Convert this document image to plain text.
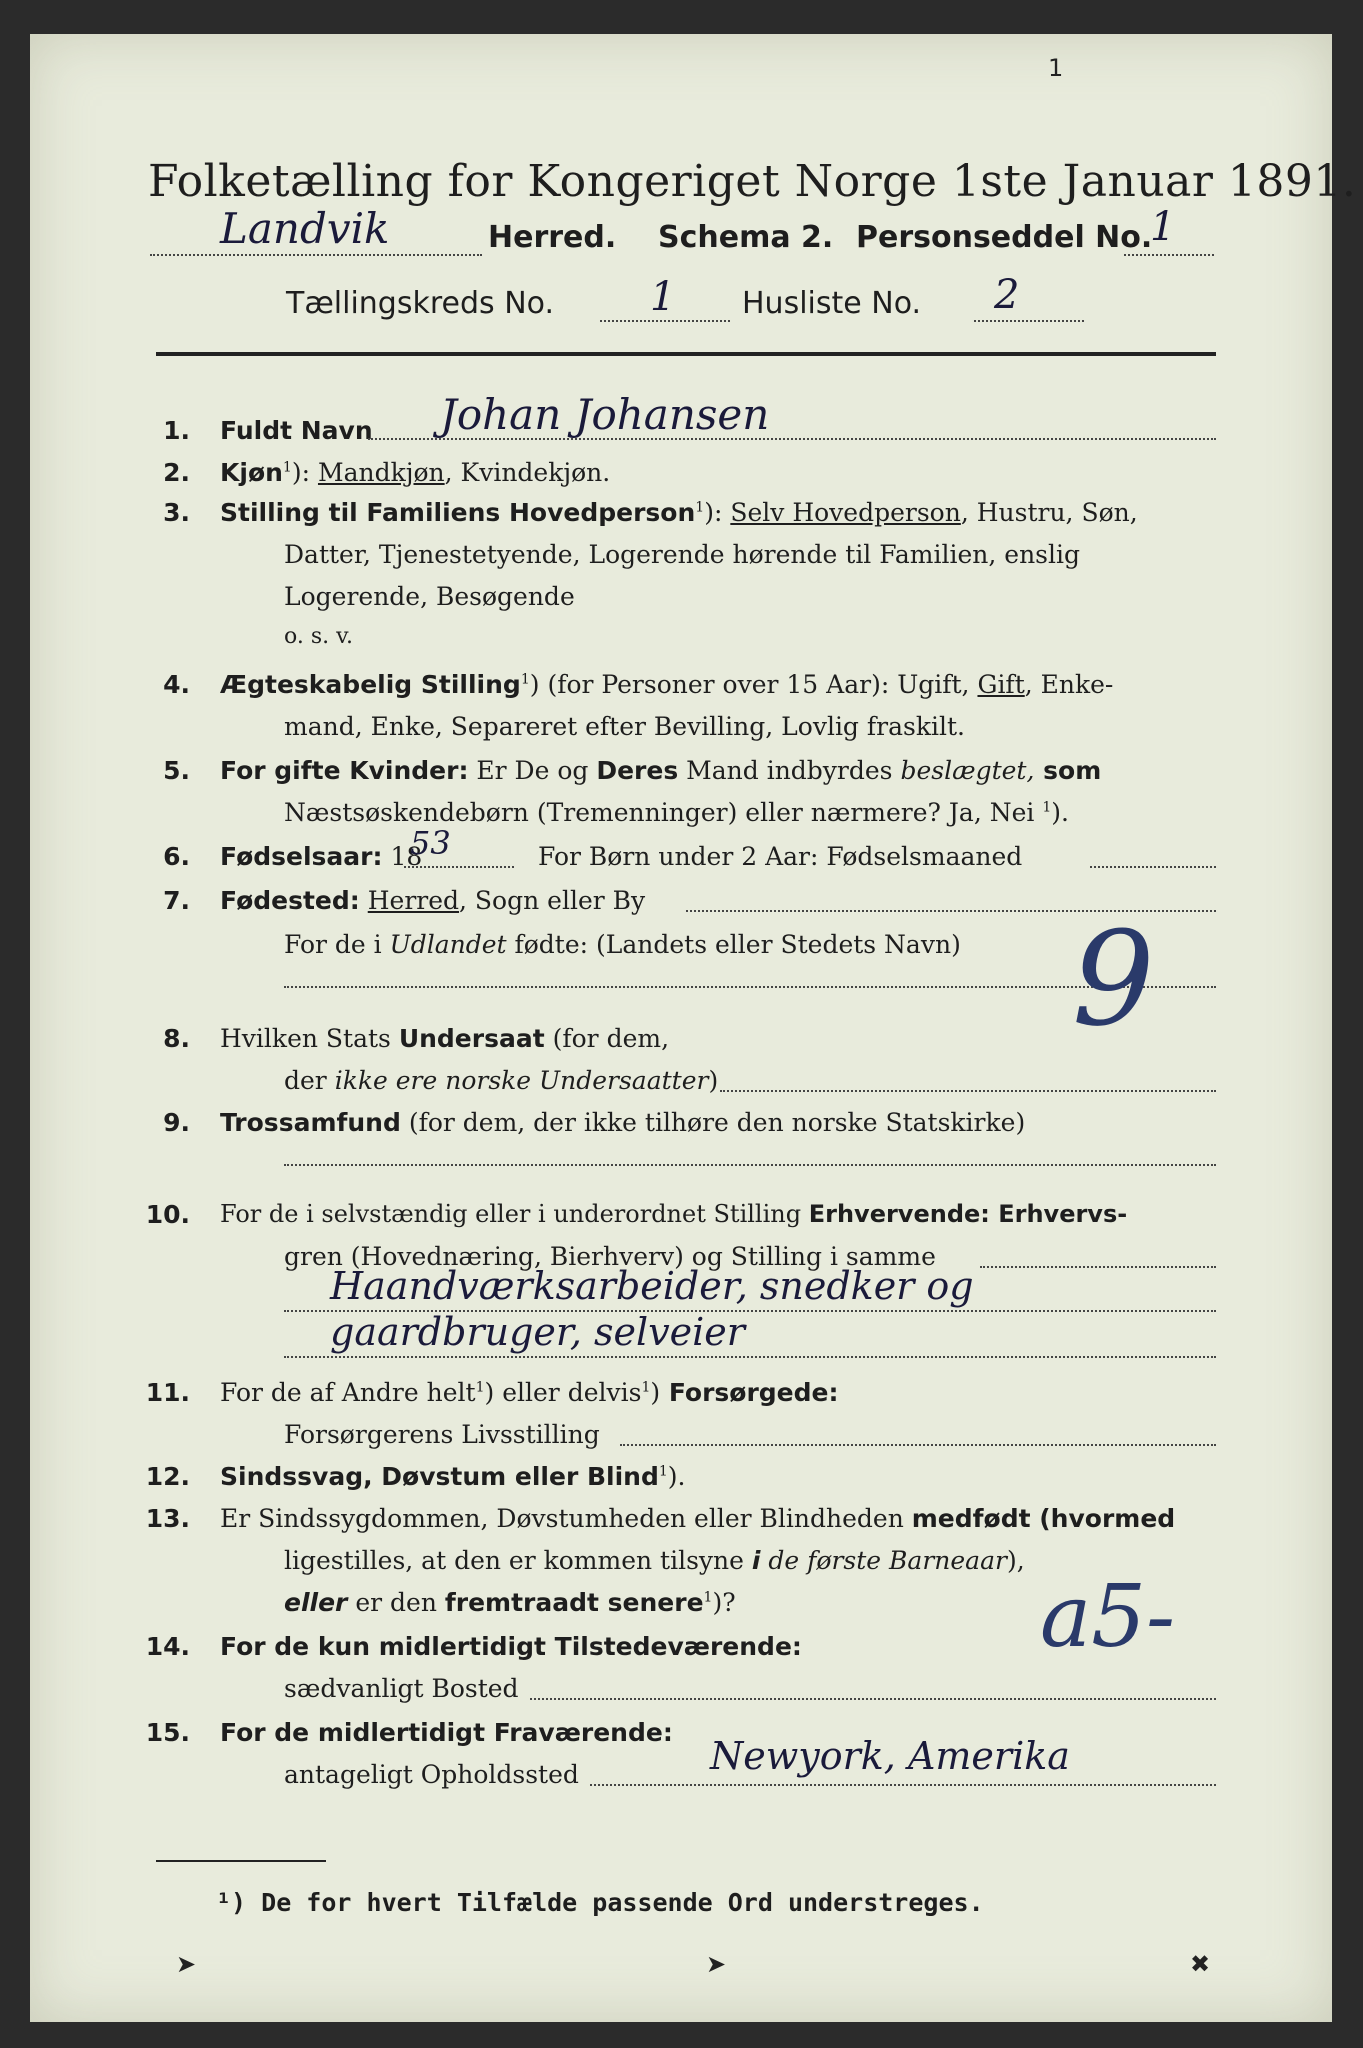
1
Folketælling for Kongeriget Norge 1ste Januar 1891.
Landvik	Herred. Schema 2. Personseddel No.
1
Tællingskreds No. 1 Husliste No. 2
1. Fuldt Navn Johan Johansen
2. Kjøn$^1$): Mandkjøn, Kvindekjøn.
3. Stilling til Familiens Hovedperson$^1$): Selv Hovedperson, Hustru, Søn,
Datter, Tjenestetyende, Logerende hørende til Familien, enslig
Logerende, Besøgende
o. s. v.
4. Ægteskabelig Stilling$^1$) (for Personer over 15 Aar): Ugift, Gift, Enke-
mand, Enke, Separeret efter Bevilling, Lovlig fraskilt.
5. For gifte Kvinder: Er De og Deres Mand indbyrdes beslægtet, som
Næstsøskendebørn (Tremenninger) eller nærmere? Ja, Nei $^1$).
6. Fødselsaar: 18
53	For Børn under 2 Aar: Fødselsmaaned
7. Fødested: Herred, Sogn eller By
For de i Udlandet fødte: (Landets eller Stedets Navn) 9
8. Hvilken Stats Undersaat (for dem,
der ikke ere norske Undersaatter)
9. Trossamfund (for dem, der ikke tilhøre den norske Statskirke)
10. For de i selvstændig eller i underordnet Stilling Erhvervende: Erhvervs-
gren (Hovednæring, Bierhverv) og Stilling i samme
Haandværksarbeider, snedker og
gaardbruger, selveier
11. For de af Andre helt$^1$) eller delvis$^1$) Forsørgede:
Forsørgerens Livsstilling
12. Sindssvag, Døvstum eller Blind$^1$).
13. Er Sindssygdommen, Døvstumheden eller Blindheden medfødt (hvormed
ligestilles, at den er kommen tilsyne i de første Barneaar),
eller er den fremtraadt senere$^1$)?
14. For de kun midlertidigt Tilstedeværende:
sædvanligt Bosted
a5-
15. For de midlertidigt Fraværende:
antageligt Opholdssted	Newyork, Amerika
¹) De for hvert Tilfælde passende Ord understreges.
➤	➤	✖
